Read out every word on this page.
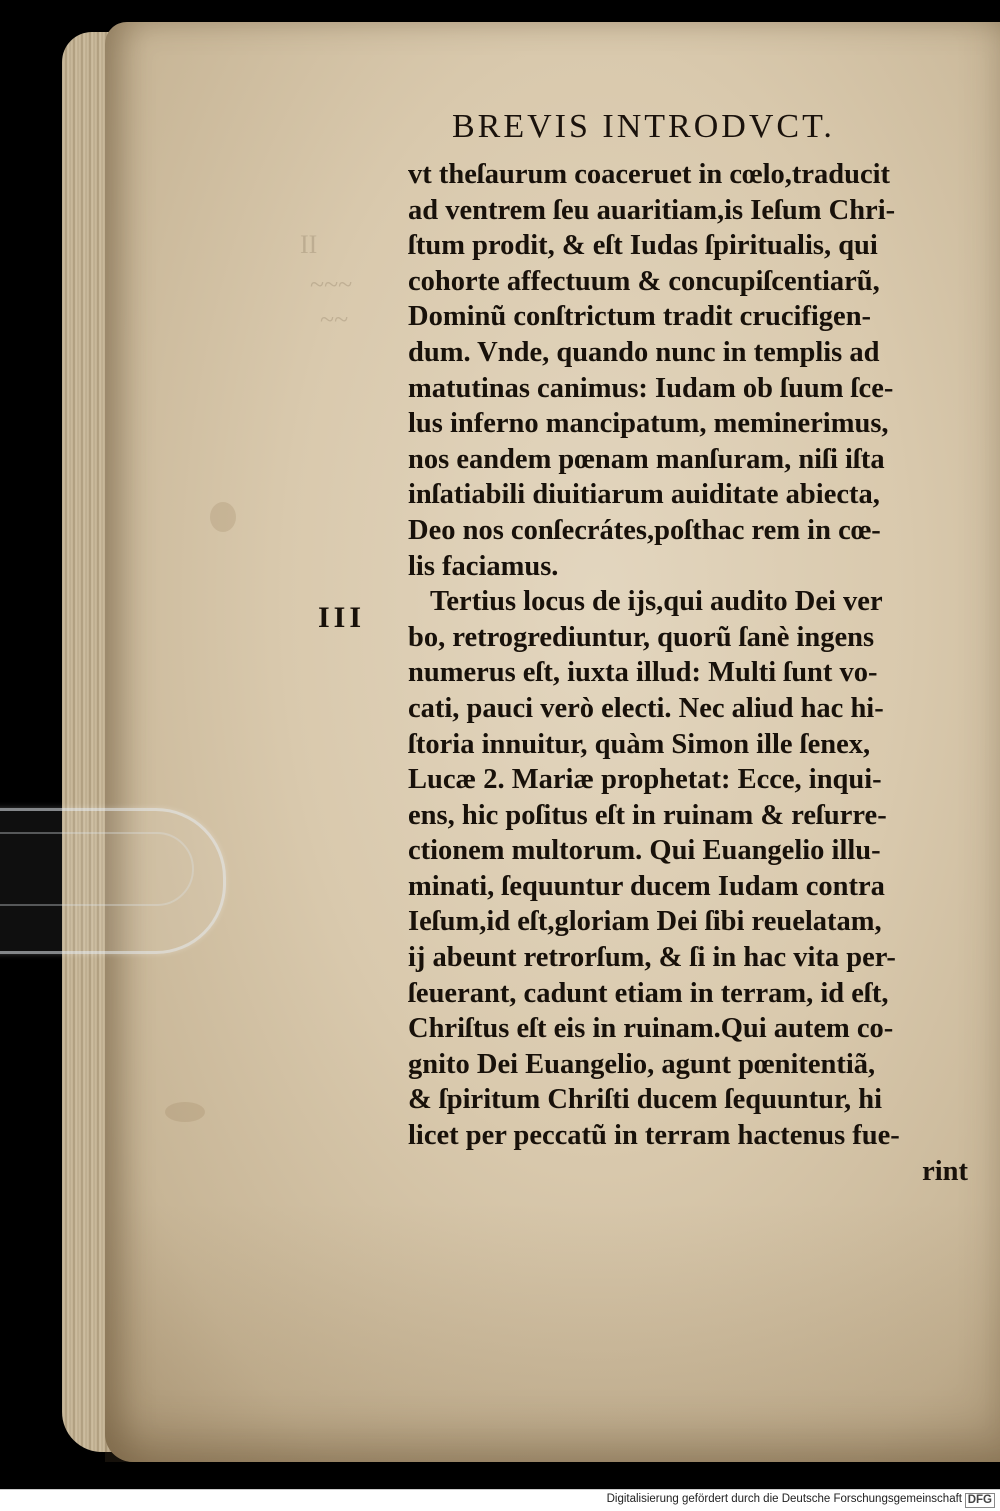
II
~~~
~~
BREVIS INTRODVCT.
III
vt theſaurum coaceruet in cœlo,traducit
ad ventrem ſeu auaritiam,is Ieſum Chri-
ſtum prodit, & eſt Iudas ſpiritualis, qui
cohorte affectuum & concupiſcentiarũ,
Dominũ conſtrictum tradit crucifigen-
dum. Vnde, quando nunc in templis ad
matutinas canimus: Iudam ob ſuum ſce-
lus inferno mancipatum, meminerimus,
nos eandem pœnam manſuram, niſi iſta
inſatiabili diuitiarum auiditate abiecta,
Deo nos conſecrátes,poſthac rem in cœ-
lis faciamus.
Tertius locus de ijs,qui audito Dei ver
bo, retrogrediuntur, quorũ ſanè ingens
numerus eſt, iuxta illud: Multi ſunt vo-
cati, pauci verò electi. Nec aliud hac hi-
ſtoria innuitur, quàm Simon ille ſenex,
Lucæ 2. Mariæ prophetat: Ecce, inqui-
ens, hic poſitus eſt in ruinam & reſurre-
ctionem multorum. Qui Euangelio illu-
minati, ſequuntur ducem Iudam contra
Ieſum,id eſt,gloriam Dei ſibi reuelatam,
ij abeunt retrorſum, & ſi in hac vita per-
ſeuerant, cadunt etiam in terram, id eſt,
Chriſtus eſt eis in ruinam.Qui autem co-
gnito Dei Euangelio, agunt pœnitentiã,
& ſpiritum Chriſti ducem ſequuntur, hi
licet per peccatũ in terram hactenus fue-
rint
Digitalisierung gefördert durch die Deutsche Forschungsgemeinschaft DFG
